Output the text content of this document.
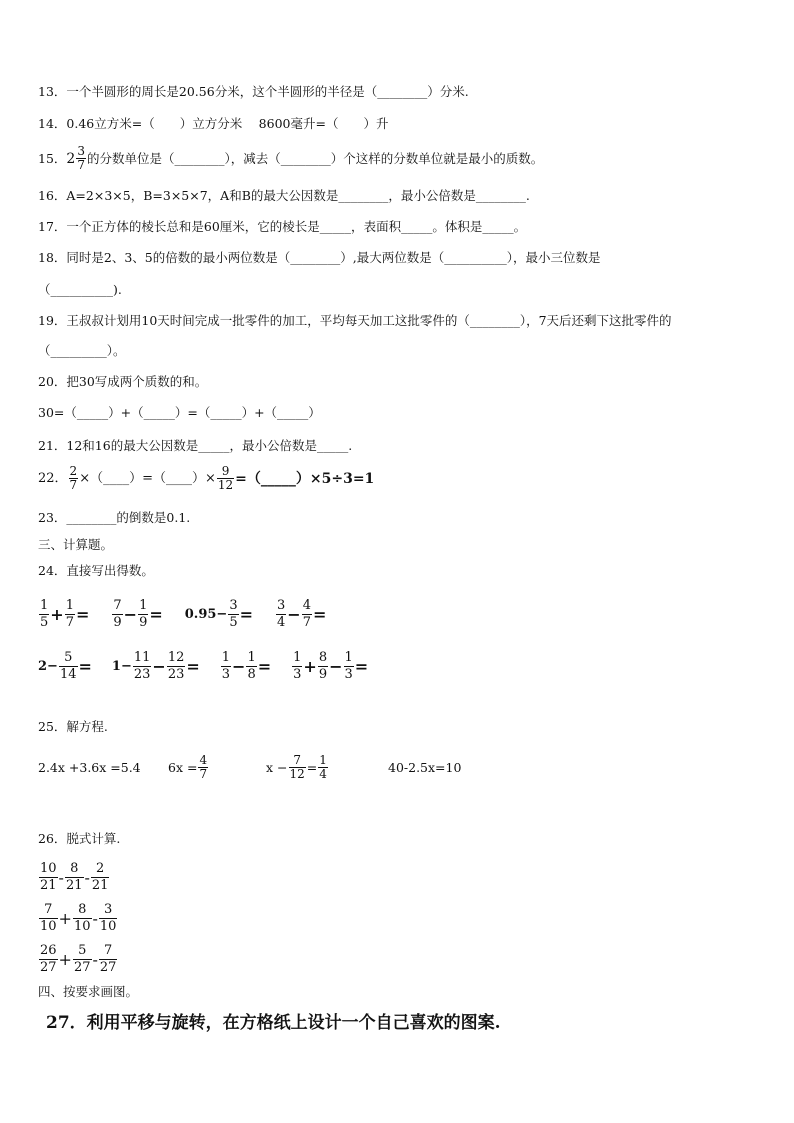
13．一个半圆形的周长是20.56分米，这个半圆形的半径是（________）分米.
14．0.46立方米=（　　）立方分米　 8600毫升=（　　）升
15． $2 \frac{3}{7}$ 的分数单位是（________），减去（________）个这样的分数单位就是最小的质数。
16．A=2×3×5，B=3×5×7，A和B的最大公因数是________，最小公倍数是________.
17．一个正方体的棱长总和是60厘米，它的棱长是_____，表面积_____。体积是_____。
18．同时是2、3、5的倍数的最小两位数是（________）,最大两位数是（__________），最小三位数是
（__________).
19．王叔叔计划用10天时间完成一批零件的加工，平均每天加工这批零件的（________），7天后还剩下这批零件的
（_________）。
20．把30写成两个质数的和。
30=（_____）+（_____）=（_____）+（_____）
21．12和16的最大公因数是_____，最小公倍数是_____.
22． $\frac{2}{7}$ ×（____）=（____）× $\frac{9}{12}$ =（_____）×5÷3=1
23．________的倒数是0.1.
三、计算题。
24．直接写出得数。
$\frac{1}{5} + \frac{1}{7} = \frac{7}{9} - \frac{1}{9} = 0.95- \frac{3}{5} = \frac{3}{4} - \frac{4}{7}$ =
$2- \frac{5}{14} = 1- \frac{11}{23} - \frac{12}{23} = \frac{1}{3} - \frac{1}{8} = \frac{1}{3} + \frac{8}{9} - \frac{1}{3}$ =
25．解方程.
2.4x +3.6x =5.4	$6x = \frac{4}{7}$	$x - \frac{7}{12} = \frac{1}{4}$	40-2.5x=10
26．脱式计算.
$\frac{10}{21} - \frac{8}{21} - \frac{2}{21}$
$\frac{7}{10} + \frac{8}{10} - \frac{3}{10}$
$\frac{26}{27} + \frac{5}{27} - \frac{7}{27}$
四、按要求画图。
27．利用平移与旋转，在方格纸上设计一个自己喜欢的图案.
